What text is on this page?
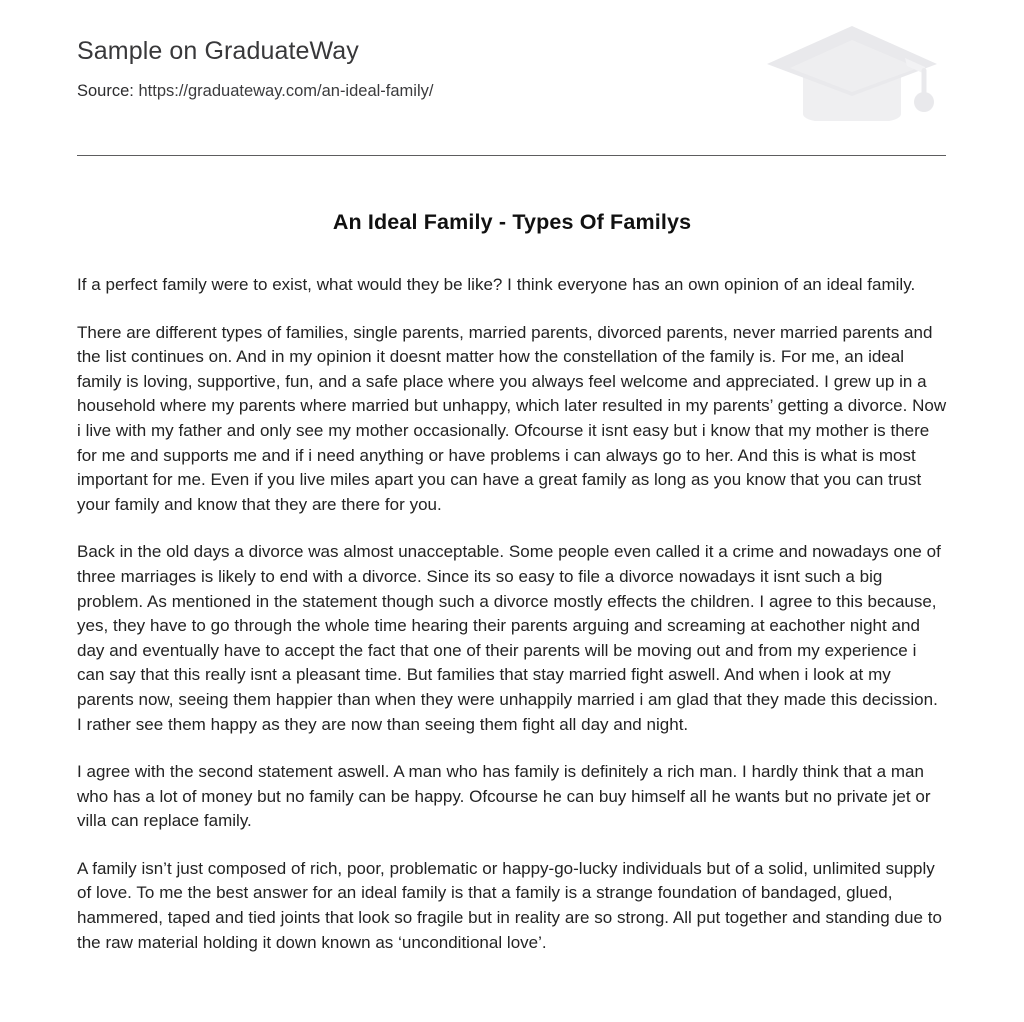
Sample on GraduateWay
Source: https://graduateway.com/an-ideal-family/
An Ideal Family - Types Of Familys

If a perfect family were to exist, what would they be like? I think everyone has an own opinion of an ideal family.

There are different types of families, single parents, married parents, divorced parents, never married parents and the list continues on. And in my opinion it doesnt matter how the constellation of the family is. For me, an ideal family is loving, supportive, fun, and a safe place where you always feel welcome and appreciated. I grew up in a household where my parents where married but unhappy, which later resulted in my parents’ getting a divorce. Now i live with my father and only see my mother occasionally. Ofcourse it isnt easy but i know that my mother is there for me and supports me and if i need anything or have problems i can always go to her. And this is what is most important for me. Even if you live miles apart you can have a great family as long as you know that you can trust your family and know that they are there for you.

Back in the old days a divorce was almost unacceptable. Some people even called it a crime and nowadays one of three marriages is likely to end with a divorce. Since its so easy to file a divorce nowadays it isnt such a big problem. As mentioned in the statement though such a divorce mostly effects the children. I agree to this because, yes, they have to go through the whole time hearing their parents arguing and screaming at eachother night and day and eventually have to accept the fact that one of their parents will be moving out and from my experience i can say that this really isnt a pleasant time. But families that stay married fight aswell. And when i look at my parents now, seeing them happier than when they were unhappily married i am glad that they made this decission. I rather see them happy as they are now than seeing them fight all day and night.

I agree with the second statement aswell. A man who has family is definitely a rich man. I hardly think that a man who has a lot of money but no family can be happy. Ofcourse he can buy himself all he wants but no private jet or villa can replace family.

A family isn’t just composed of rich, poor, problematic or happy-go-lucky individuals but of a solid, unlimited supply of love. To me the best answer for an ideal family is that a family is a strange foundation of bandaged, glued, hammered, taped and tied joints that look so fragile but in reality are so strong. All put together and standing due to the raw material holding it down known as ‘unconditional love’.
